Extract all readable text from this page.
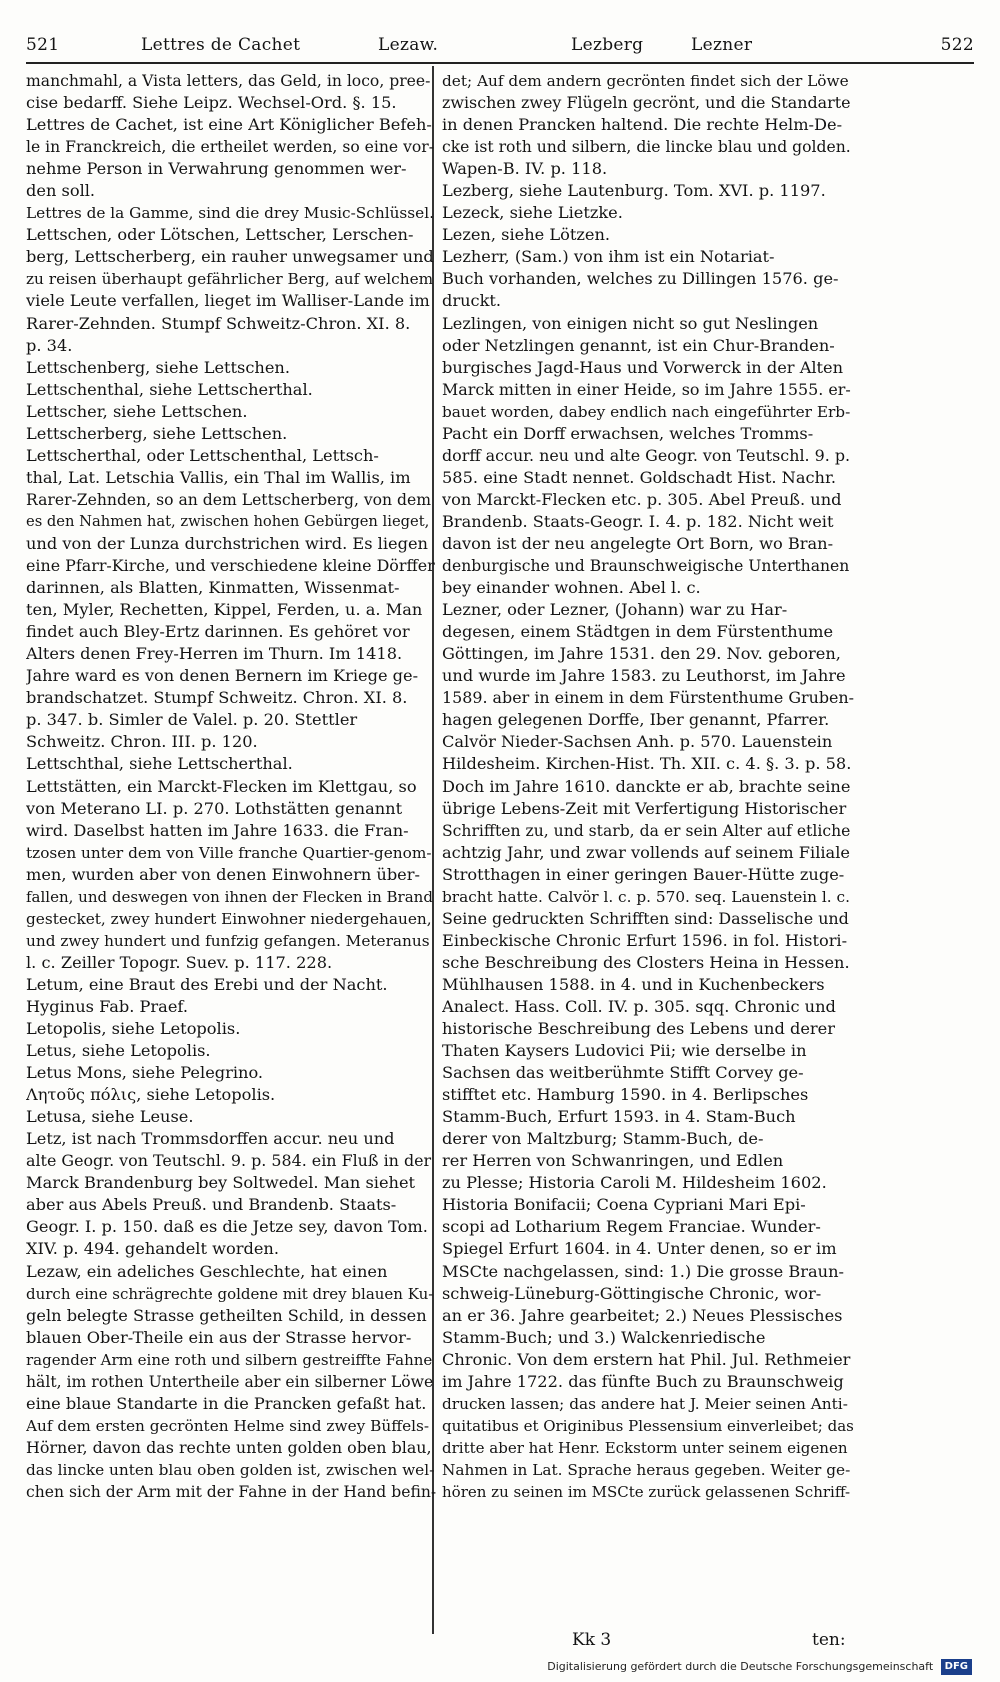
521	Lettres de Cachet	Lezaw.	Lezberg	Lezner	522
manchmahl, a Vista letters, das Geld, in loco, pree-
cise bedarff. Siehe Leipz. Wechsel-Ord. §. 15.
Lettres de Cachet, ist eine Art Königlicher Befeh-
le in Franckreich, die ertheilet werden, so eine vor-
nehme Person in Verwahrung genommen wer-
den soll.
Lettres de la Gamme, sind die drey Music-Schlüssel.
Lettschen, oder Lötschen, Lettscher, Lerschen-
berg, Lettscherberg, ein rauher unwegsamer und
zu reisen überhaupt gefährlicher Berg, auf welchem
viele Leute verfallen, lieget im Walliser-Lande im
Rarer-Zehnden. Stumpf Schweitz-Chron. XI. 8.
p. 34.
Lettschenberg, siehe Lettschen.
Lettschenthal, siehe Lettscherthal.
Lettscher, siehe Lettschen.
Lettscherberg, siehe Lettschen.
Lettscherthal, oder Lettschenthal, Lettsch-
thal, Lat. Letschia Vallis, ein Thal im Wallis, im
Rarer-Zehnden, so an dem Lettscherberg, von dem
es den Nahmen hat, zwischen hohen Gebürgen lieget,
und von der Lunza durchstrichen wird. Es liegen
eine Pfarr-Kirche, und verschiedene kleine Dörffer
darinnen, als Blatten, Kinmatten, Wissenmat-
ten, Myler, Rechetten, Kippel, Ferden, u. a. Man
findet auch Bley-Ertz darinnen. Es gehöret vor
Alters denen Frey-Herren im Thurn. Im 1418.
Jahre ward es von denen Bernern im Kriege ge-
brandschatzet. Stumpf Schweitz. Chron. XI. 8.
p. 347. b. Simler de Valel. p. 20. Stettler
Schweitz. Chron. III. p. 120.
Lettschthal, siehe Lettscherthal.
Lettstätten, ein Marckt-Flecken im Klettgau, so
von Meterano LI. p. 270. Lothstätten genannt
wird. Daselbst hatten im Jahre 1633. die Fran-
tzosen unter dem von Ville franche Quartier-genom-
men, wurden aber von denen Einwohnern über-
fallen, und deswegen von ihnen der Flecken in Brand
gestecket, zwey hundert Einwohner niedergehauen,
und zwey hundert und funfzig gefangen. Meteranus
l. c. Zeiller Topogr. Suev. p. 117. 228.
Letum, eine Braut des Erebi und der Nacht.
Hyginus Fab. Praef.
Letopolis, siehe Letopolis.
Letus, siehe Letopolis.
Letus Mons, siehe Pelegrino.
Λητοῦς πόλις, siehe Letopolis.
Letusa, siehe Leuse.
Letz, ist nach Trommsdorffen accur. neu und
alte Geogr. von Teutschl. 9. p. 584. ein Fluß in der
Marck Brandenburg bey Soltwedel. Man siehet
aber aus Abels Preuß. und Brandenb. Staats-
Geogr. I. p. 150. daß es die Jetze sey, davon Tom.
XIV. p. 494. gehandelt worden.
Lezaw, ein adeliches Geschlechte, hat einen
durch eine schrägrechte goldene mit drey blauen Ku-
geln belegte Strasse getheilten Schild, in dessen
blauen Ober-Theile ein aus der Strasse hervor-
ragender Arm eine roth und silbern gestreiffte Fahne
hält, im rothen Untertheile aber ein silberner Löwe
eine blaue Standarte in die Prancken gefaßt hat.
Auf dem ersten gecrönten Helme sind zwey Büffels-
Hörner, davon das rechte unten golden oben blau,
das lincke unten blau oben golden ist, zwischen wel-
chen sich der Arm mit der Fahne in der Hand befin-
det; Auf dem andern gecrönten findet sich der Löwe
zwischen zwey Flügeln gecrönt, und die Standarte
in denen Prancken haltend. Die rechte Helm-De-
cke ist roth und silbern, die lincke blau und golden.
Wapen-B. IV. p. 118.
Lezberg, siehe Lautenburg. Tom. XVI. p. 1197.
Lezeck, siehe Lietzke.
Lezen, siehe Lötzen.
Lezherr, (Sam.) von ihm ist ein Notariat-
Buch vorhanden, welches zu Dillingen 1576. ge-
druckt.
Lezlingen, von einigen nicht so gut Neslingen
oder Netzlingen genannt, ist ein Chur-Branden-
burgisches Jagd-Haus und Vorwerck in der Alten
Marck mitten in einer Heide, so im Jahre 1555. er-
bauet worden, dabey endlich nach eingeführter Erb-
Pacht ein Dorff erwachsen, welches Tromms-
dorff accur. neu und alte Geogr. von Teutschl. 9. p.
585. eine Stadt nennet. Goldschadt Hist. Nachr.
von Marckt-Flecken etc. p. 305. Abel Preuß. und
Brandenb. Staats-Geogr. I. 4. p. 182. Nicht weit
davon ist der neu angelegte Ort Born, wo Bran-
denburgische und Braunschweigische Unterthanen
bey einander wohnen. Abel l. c.
Lezner, oder Lezner, (Johann) war zu Har-
degesen, einem Städtgen in dem Fürstenthume
Göttingen, im Jahre 1531. den 29. Nov. geboren,
und wurde im Jahre 1583. zu Leuthorst, im Jahre
1589. aber in einem in dem Fürstenthume Gruben-
hagen gelegenen Dorffe, Iber genannt, Pfarrer.
Calvör Nieder-Sachsen Anh. p. 570. Lauenstein
Hildesheim. Kirchen-Hist. Th. XII. c. 4. §. 3. p. 58.
Doch im Jahre 1610. danckte er ab, brachte seine
übrige Lebens-Zeit mit Verfertigung Historischer
Schrifften zu, und starb, da er sein Alter auf etliche
achtzig Jahr, und zwar vollends auf seinem Filiale
Strotthagen in einer geringen Bauer-Hütte zuge-
bracht hatte. Calvör l. c. p. 570. seq. Lauenstein l. c.
Seine gedruckten Schrifften sind: Dasselische und
Einbeckische Chronic Erfurt 1596. in fol. Histori-
sche Beschreibung des Closters Heina in Hessen.
Mühlhausen 1588. in 4. und in Kuchenbeckers
Analect. Hass. Coll. IV. p. 305. sqq. Chronic und
historische Beschreibung des Lebens und derer
Thaten Kaysers Ludovici Pii; wie derselbe in
Sachsen das weitberühmte Stifft Corvey ge-
stifftet etc. Hamburg 1590. in 4. Berlipsches
Stamm-Buch, Erfurt 1593. in 4. Stam-Buch
derer von Maltzburg; Stamm-Buch, de-
rer Herren von Schwanringen, und Edlen
zu Plesse; Historia Caroli M. Hildesheim 1602.
Historia Bonifacii; Coena Cypriani Mari Epi-
scopi ad Lotharium Regem Franciae. Wunder-
Spiegel Erfurt 1604. in 4. Unter denen, so er im
MSCte nachgelassen, sind: 1.) Die grosse Braun-
schweig-Lüneburg-Göttingische Chronic, wor-
an er 36. Jahre gearbeitet; 2.) Neues Plessisches
Stamm-Buch; und 3.) Walckenriedische
Chronic. Von dem erstern hat Phil. Jul. Rethmeier
im Jahre 1722. das fünfte Buch zu Braunschweig
drucken lassen; das andere hat J. Meier seinen Anti-
quitatibus et Originibus Plessensium einverleibet; das
dritte aber hat Henr. Eckstorm unter seinem eigenen
Nahmen in Lat. Sprache heraus gegeben. Weiter ge-
hören zu seinen im MSCte zurück gelassenen Schriff-
Kk 3	ten:
Digitalisierung gefördert durch die Deutsche Forschungsgemeinschaft DFG
